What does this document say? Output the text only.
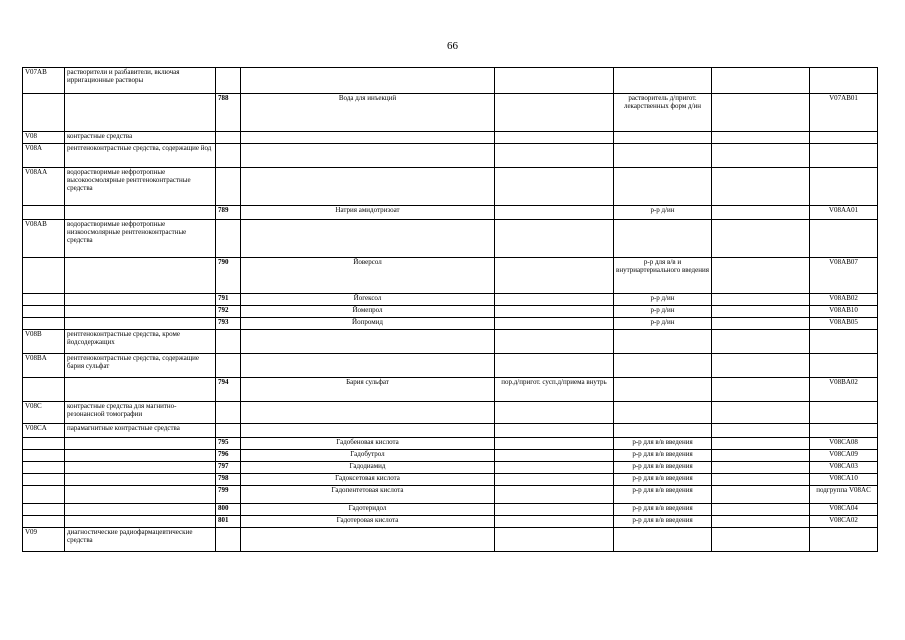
66
V07AB	растворители и разбавители, включая ирригационные растворы						
		788	Вода для инъекций		растворитель д/пригот. лекарственных форм д/ин		V07AB01
V08	контрастные средства						
V08A	рентгеноконтрастные средства, содержащие йод						
V08AA	водорастворимые нефротропные высокоосмолярные рентгеноконтрастные средства						
		789	Натрия амидотризоат		р-р д/ин		V08AA01
V08AB	водорастворимые нефротропные низкоосмолярные рентгеноконтрастные средства						
		790	Йоверсол		р-р для в/в и внутриартериального введения		V08AB07
		791	Йогексол		р-р д/ин		V08AB02
		792	Йомепрол		р-р д/ин		V08AB10
		793	Йопромид		р-р д/ин		V08AB05
V08B	рентгеноконтрастные средства, кроме йодсодержащих						
V08BA	рентгеноконтрастные средства, содержащие бария сульфат						
		794	Бария сульфат	пор.д/пригот. сусп.д/приема внутрь			V08BA02
V08C	контрастные средства для магнитно-резонансной томографии						
V08CA	парамагнитные контрастные средства						
		795	Гадобеновая кислота		р-р для в/в введения		V08CA08
		796	Гадобутрол		р-р для в/в введения		V08CA09
		797	Гадодиамид		р-р для в/в введения		V08CA03
		798	Гадоксетовая кислота		р-р для в/в введения		V08CA10
		799	Гадопентетовая кислота		р-р для в/в введения		подгруппа V08AC
		800	Гадотеридол		р-р для в/в введения		V08CA04
		801	Гадотеровая кислота		р-р для в/в введения		V08CA02
V09	диагностические радиофармацевтические средства						
